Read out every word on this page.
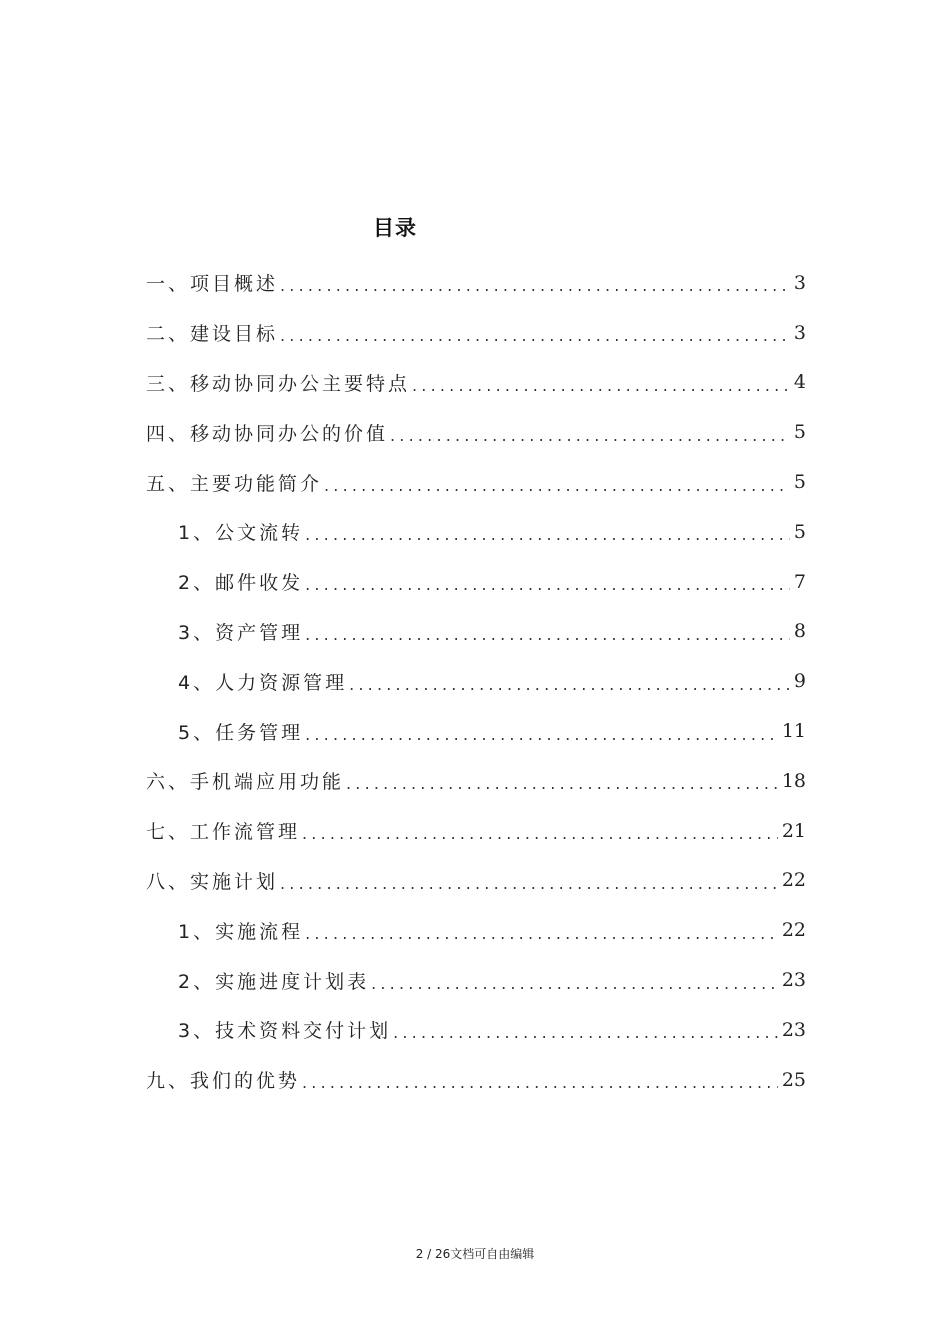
目录
一、项目概述 .....	3
二、建设目标 .....	3
三、移动协同办公主要特点 .....	4
四、移动协同办公的价值 .....	5
五、主要功能简介 .....	5
1、公文流转 .....	5
2、邮件收发 .....	7
3、资产管理 .....	8
4、人力资源管理 .....	9
5、任务管理 .....	11
六、手机端应用功能 .....	18
七、工作流管理 .....	21
八、实施计划 .....	22
1、实施流程 .....	22
2、实施进度计划表 .....	23
3、技术资料交付计划 .....	23
九、我们的优势 .....	25
2 / 26文档可自由编辑
